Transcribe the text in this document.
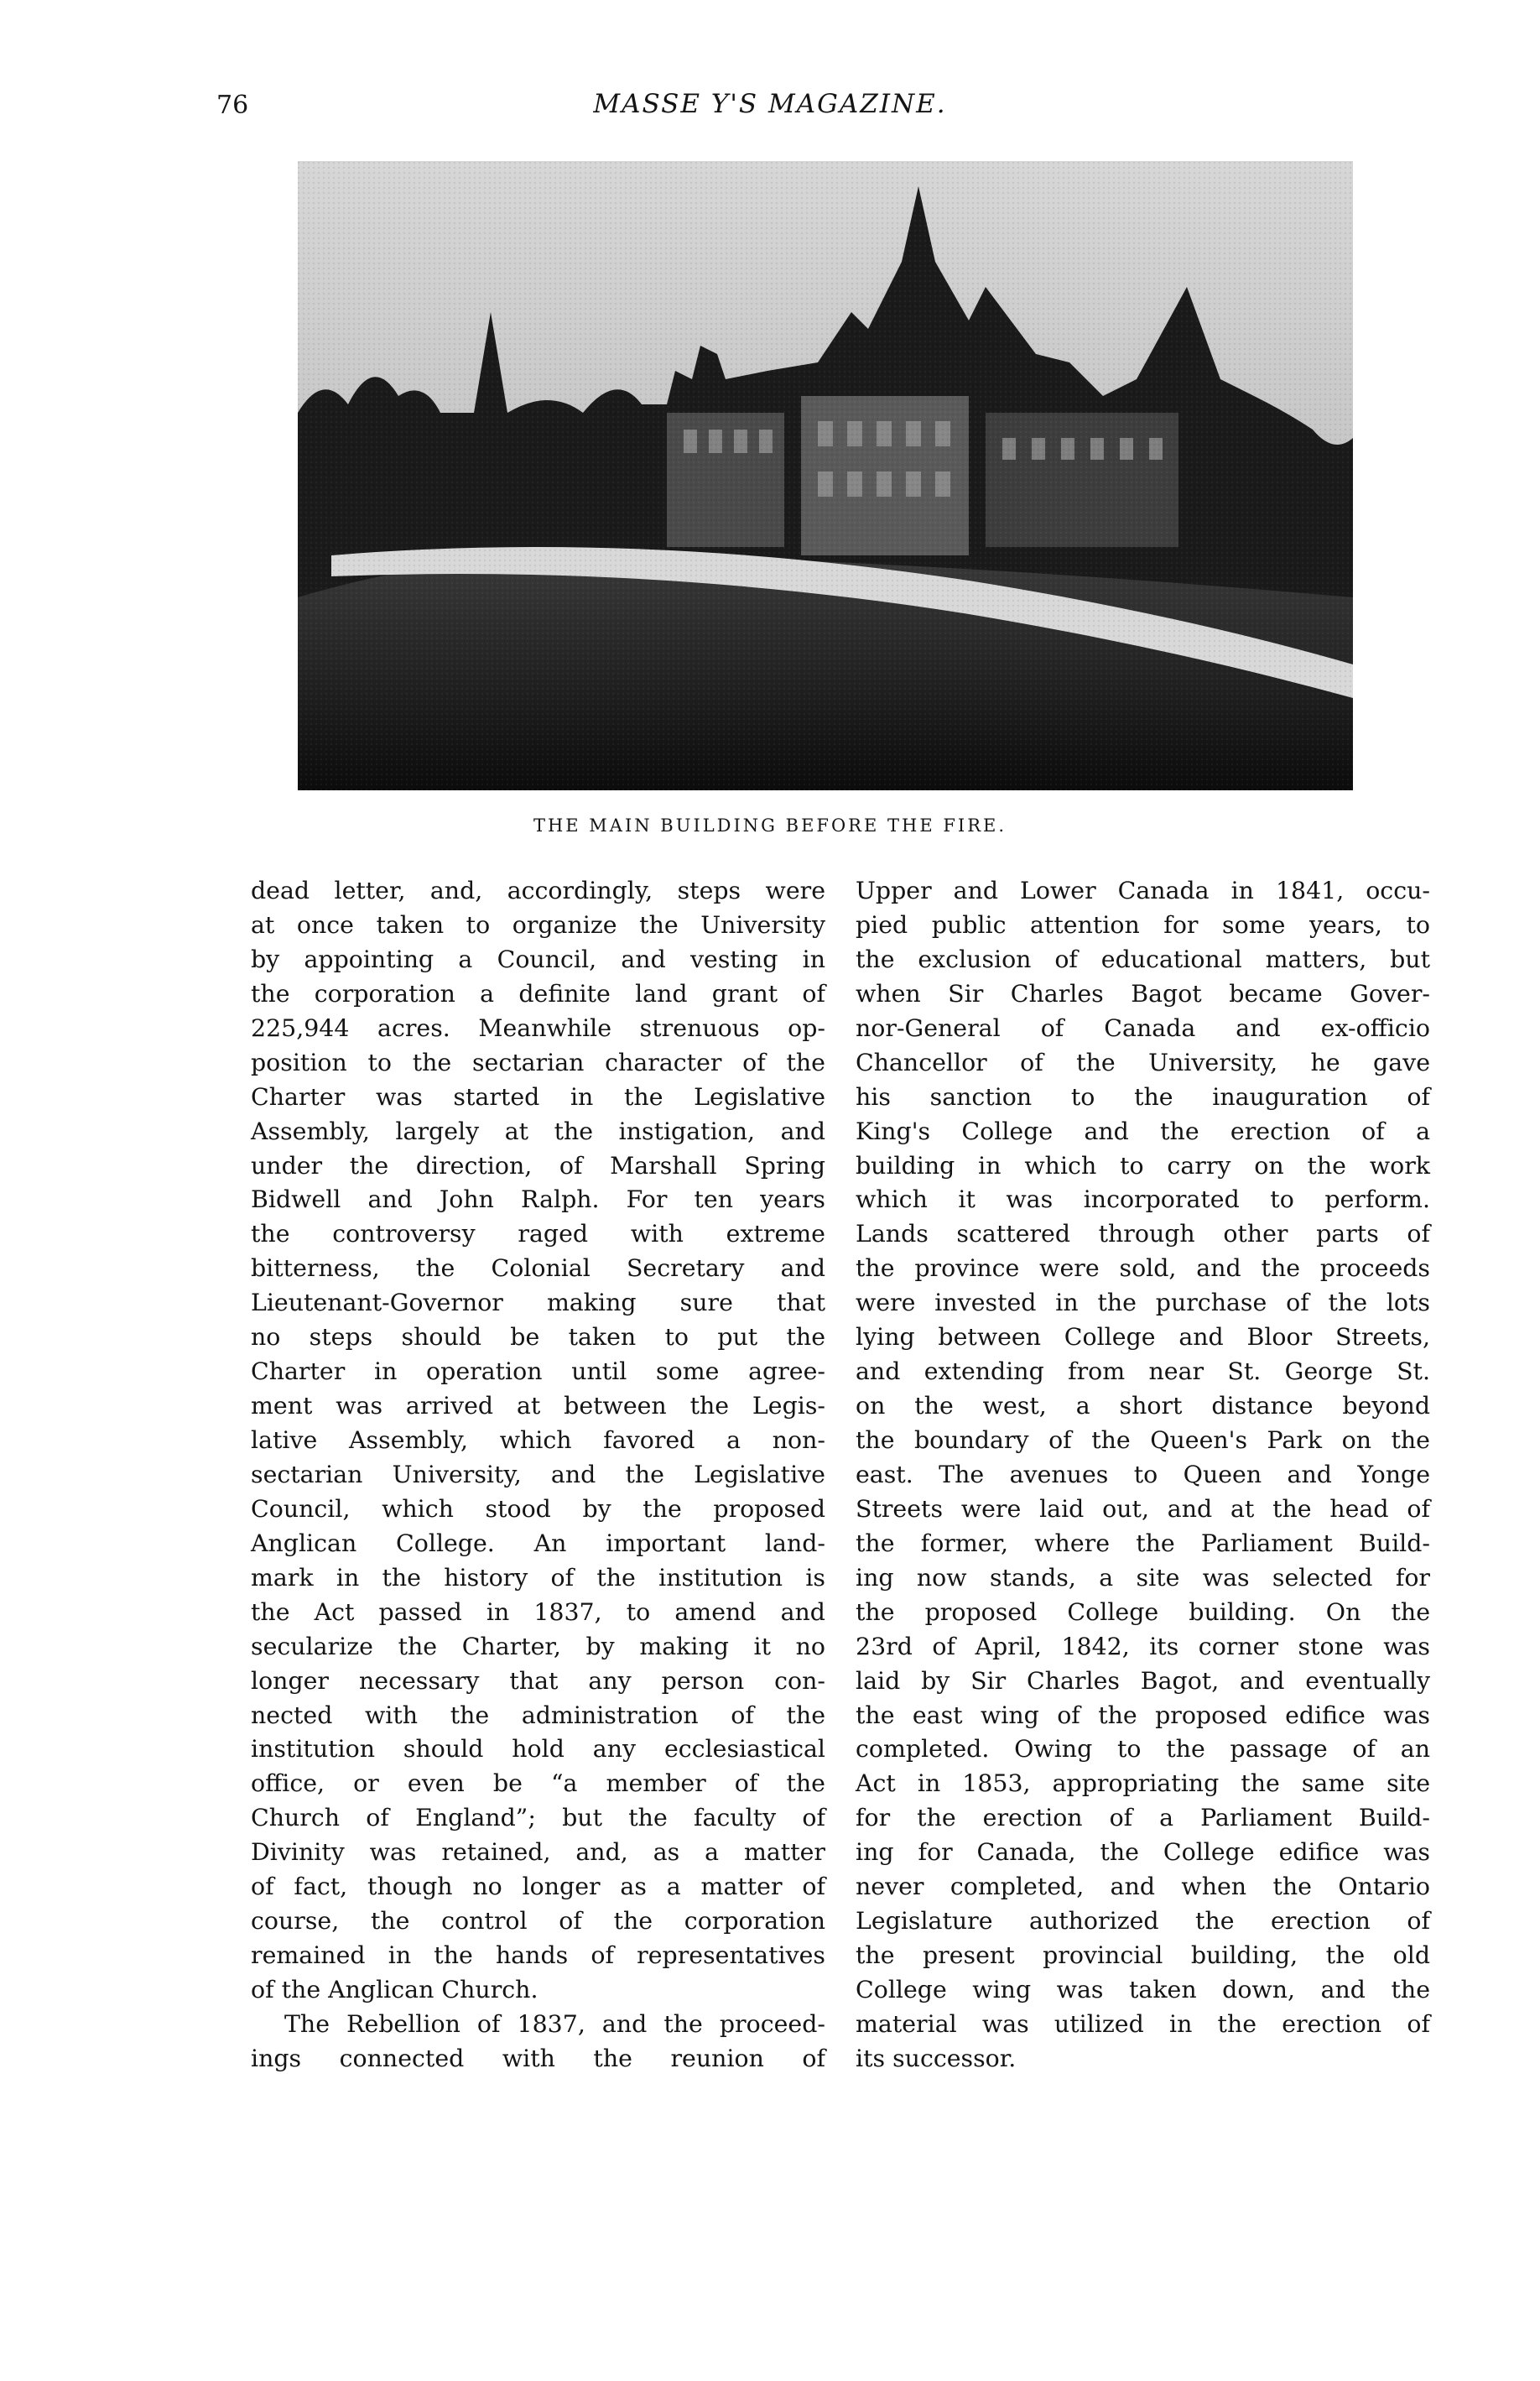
76	MASSE Y'S MAGAZINE.
THE MAIN BUILDING BEFORE THE FIRE.
dead letter, and, accordingly, steps were
at once taken to organize the University
by appointing a Council, and vesting in
the corporation a definite land grant of
225,944 acres. Meanwhile strenuous op-
position to the sectarian character of the
Charter was started in the Legislative
Assembly, largely at the instigation, and
under the direction, of Marshall Spring
Bidwell and John Ralph. For ten years
the controversy raged with extreme
bitterness, the Colonial Secretary and
Lieutenant-Governor making sure that
no steps should be taken to put the
Charter in operation until some agree-
ment was arrived at between the Legis-
lative Assembly, which favored a non-
sectarian University, and the Legislative
Council, which stood by the proposed
Anglican College. An important land-
mark in the history of the institution is
the Act passed in 1837, to amend and
secularize the Charter, by making it no
longer necessary that any person con-
nected with the administration of the
institution should hold any ecclesiastical
office, or even be “a member of the
Church of England”; but the faculty of
Divinity was retained, and, as a matter
of fact, though no longer as a matter of
course, the control of the corporation
remained in the hands of representatives
of the Anglican Church.
The Rebellion of 1837, and the proceed-
ings connected with the reunion of
Upper and Lower Canada in 1841, occu-
pied public attention for some years, to
the exclusion of educational matters, but
when Sir Charles Bagot became Gover-
nor-General of Canada and ex-officio
Chancellor of the University, he gave
his sanction to the inauguration of
King's College and the erection of a
building in which to carry on the work
which it was incorporated to perform.
Lands scattered through other parts of
the province were sold, and the proceeds
were invested in the purchase of the lots
lying between College and Bloor Streets,
and extending from near St. George St.
on the west, a short distance beyond
the boundary of the Queen's Park on the
east. The avenues to Queen and Yonge
Streets were laid out, and at the head of
the former, where the Parliament Build-
ing now stands, a site was selected for
the proposed College building. On the
23rd of April, 1842, its corner stone was
laid by Sir Charles Bagot, and eventually
the east wing of the proposed edifice was
completed. Owing to the passage of an
Act in 1853, appropriating the same site
for the erection of a Parliament Build-
ing for Canada, the College edifice was
never completed, and when the Ontario
Legislature authorized the erection of
the present provincial building, the old
College wing was taken down, and the
material was utilized in the erection of
its successor.
